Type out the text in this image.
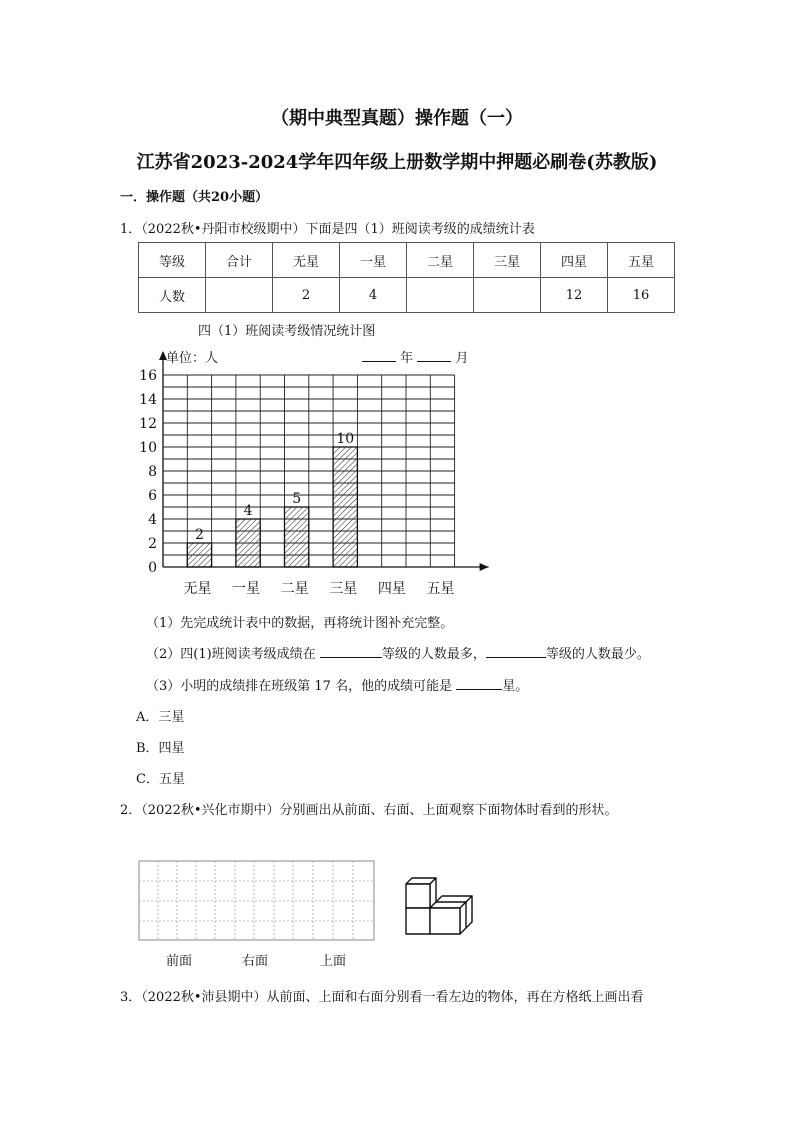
（期中典型真题）操作题（一）
江苏省2023-2024学年四年级上册数学期中押题必刷卷(苏教版)
一．操作题（共20小题）
1．（2022秋•丹阳市校级期中）下面是四（1）班阅读考级的成绩统计表
等级	合计	无星	一星	二星	三星	四星	五星
人数		2	4			12	16
四（1）班阅读考级情况统计图
单位：人	年	月
0
2
4
6
8
10
12
14
16
2
无星
4
一星
5
二星
10
三星 四星 五星
（1）先完成统计表中的数据，再将统计图补充完整。
（2）四(1)班阅读考级成绩在	等级的人数最多，	等级的人数最少。
（3）小明的成绩排在班级第 17 名，他的成绩可能是	星。
A．三星
B．四星
C．五星
2．（2022秋•兴化市期中）分别画出从前面、右面、上面观察下面物体时看到的形状。
前面	右面	上面
3．（2022秋•沛县期中）从前面、上面和右面分别看一看左边的物体，再在方格纸上画出看
